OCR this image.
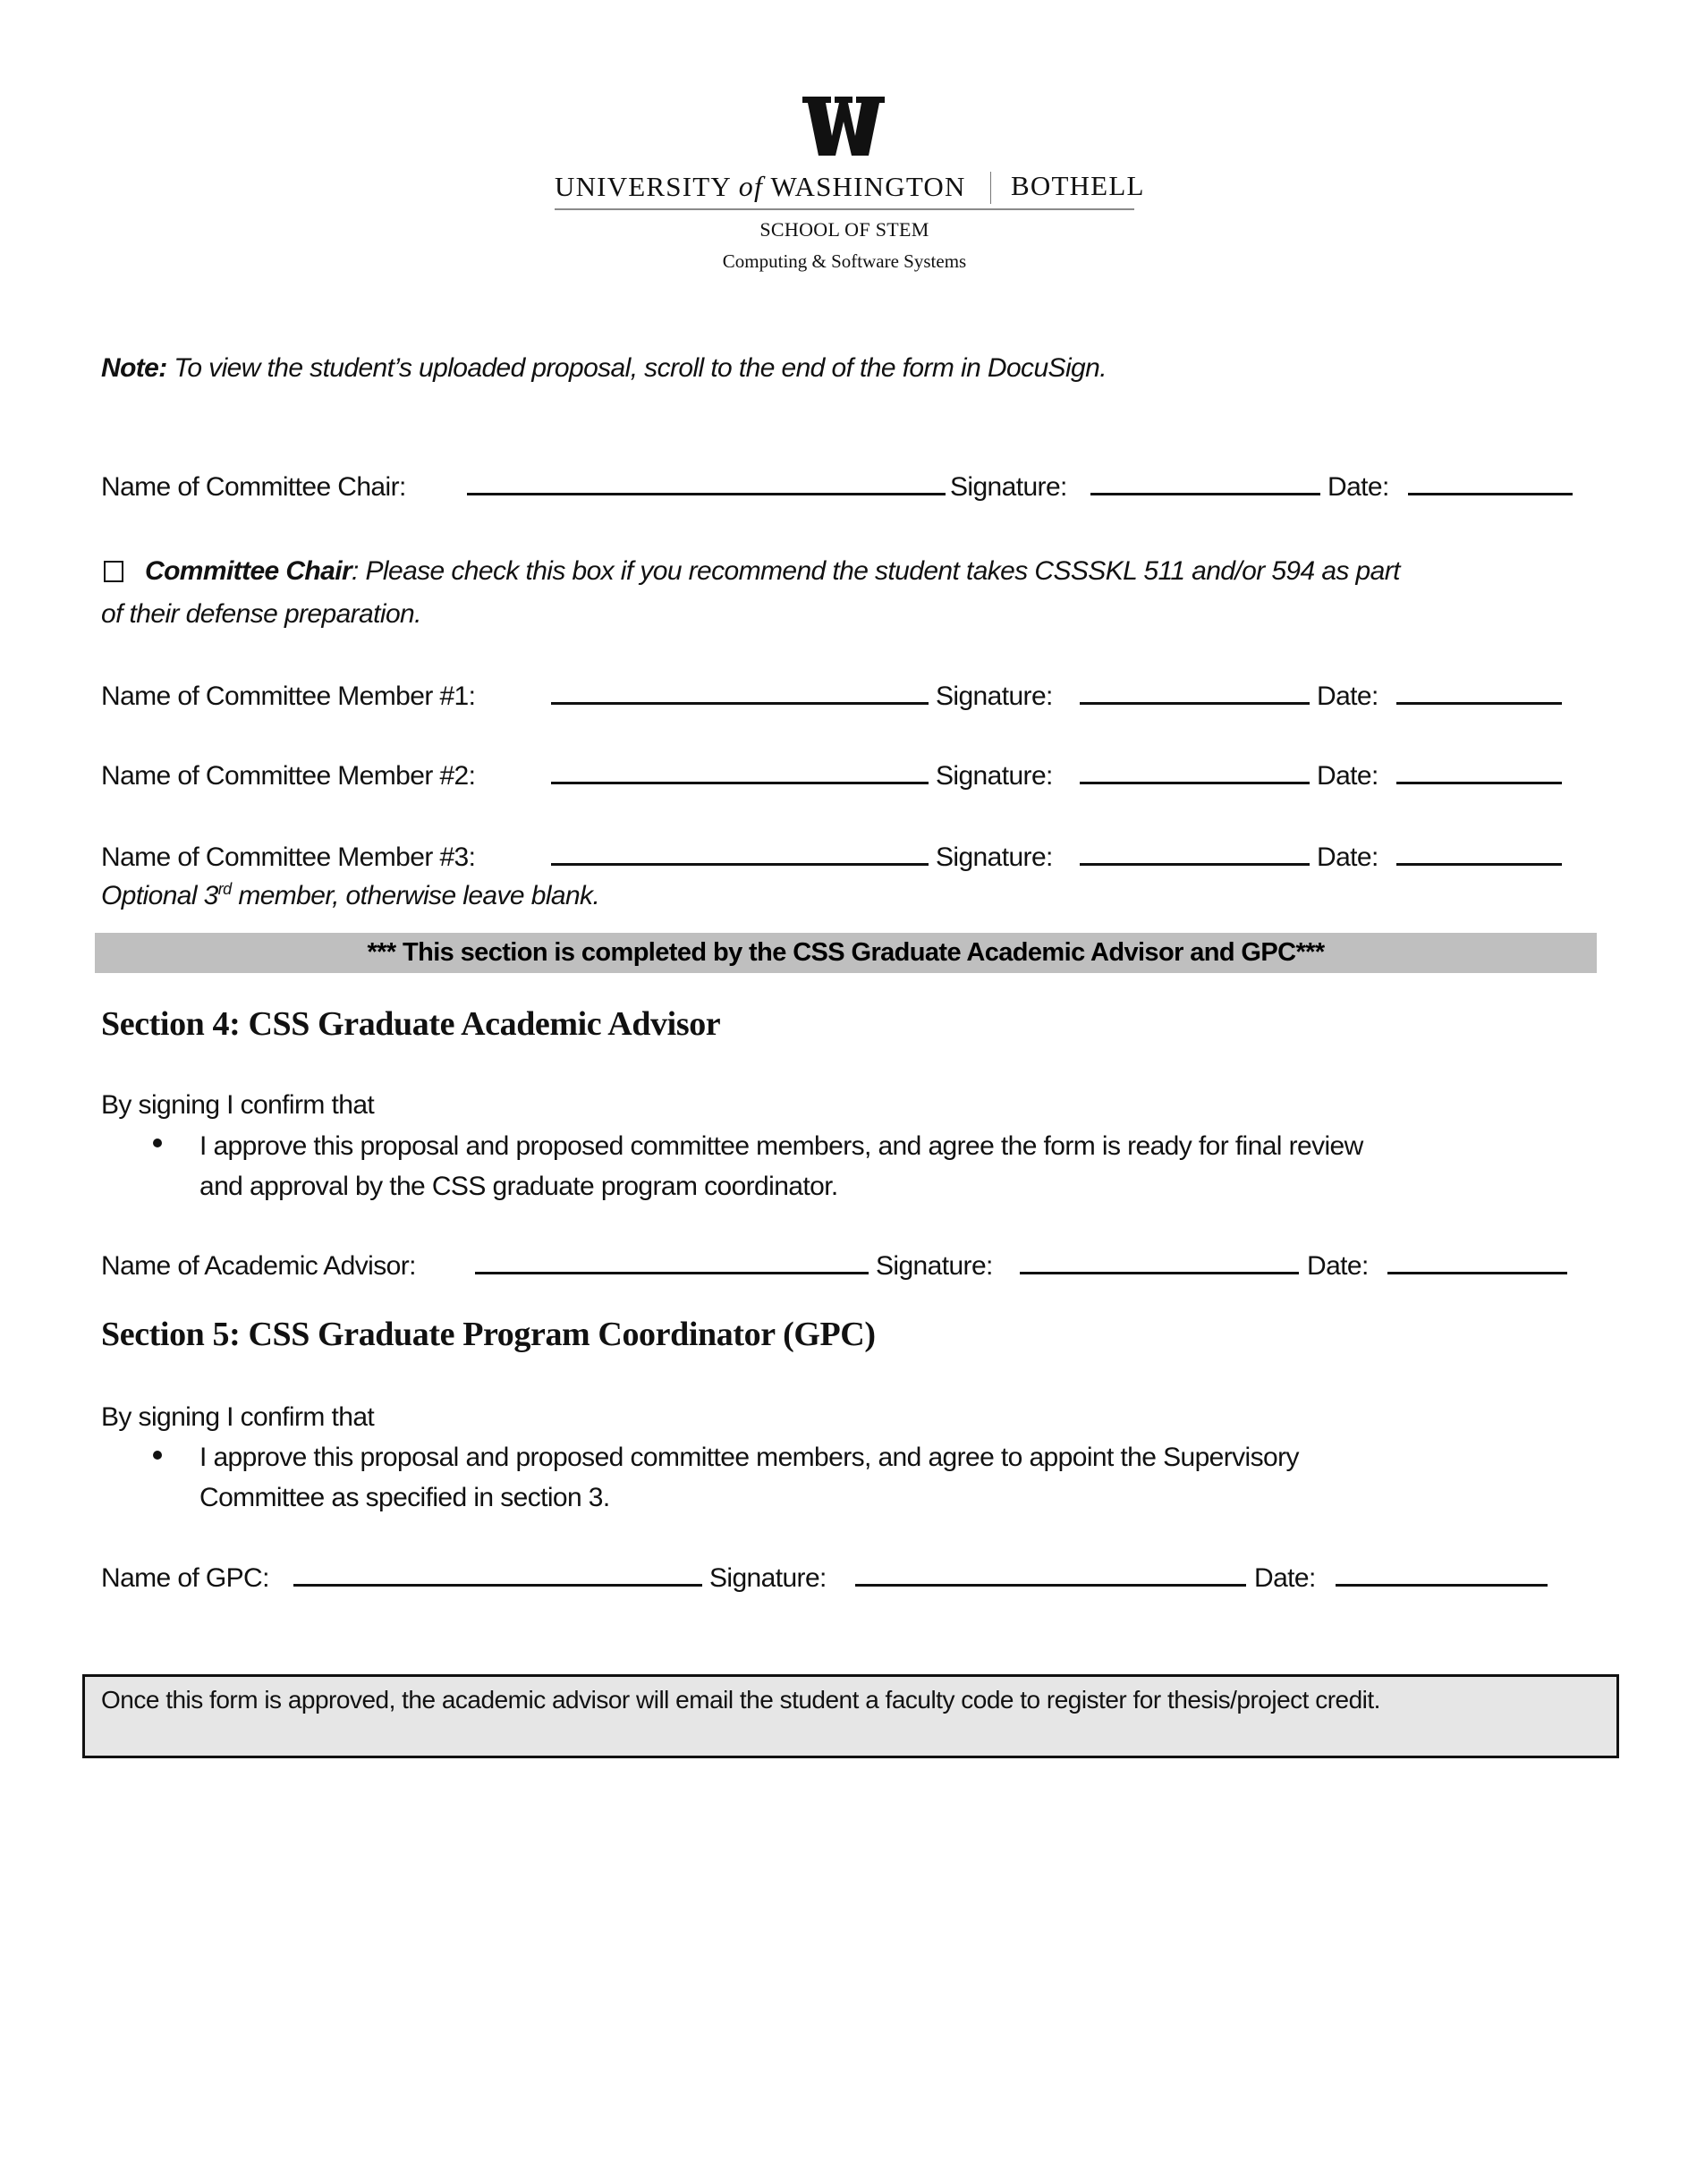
UNIVERSITY of WASHINGTON BOTHELL
SCHOOL OF STEM
Computing & Software Systems
Note: To view the student’s uploaded proposal, scroll to the end of the form in DocuSign.
Name of Committee Chair:	Signature:	Date:
Committee Chair: Please check this box if you recommend the student takes CSSSKL 511 and/or 594 as part
of their defense preparation.
Name of Committee Member #1:	Signature:	Date:
Name of Committee Member #2:	Signature:	Date:
Name of Committee Member #3:	Signature:	Date:
Optional 3rd member, otherwise leave blank.
*** This section is completed by the CSS Graduate Academic Advisor and GPC***
Section 4: CSS Graduate Academic Advisor
By signing I confirm that
I approve this proposal and proposed committee members, and agree the form is ready for final review
and approval by the CSS graduate program coordinator.
Name of Academic Advisor:	Signature:	Date:
Section 5: CSS Graduate Program Coordinator (GPC)
By signing I confirm that
I approve this proposal and proposed committee members, and agree to appoint the Supervisory
Committee as specified in section 3.
Name of GPC:	Signature:	Date:
Once this form is approved, the academic advisor will email the student a faculty code to register for thesis/project credit.
